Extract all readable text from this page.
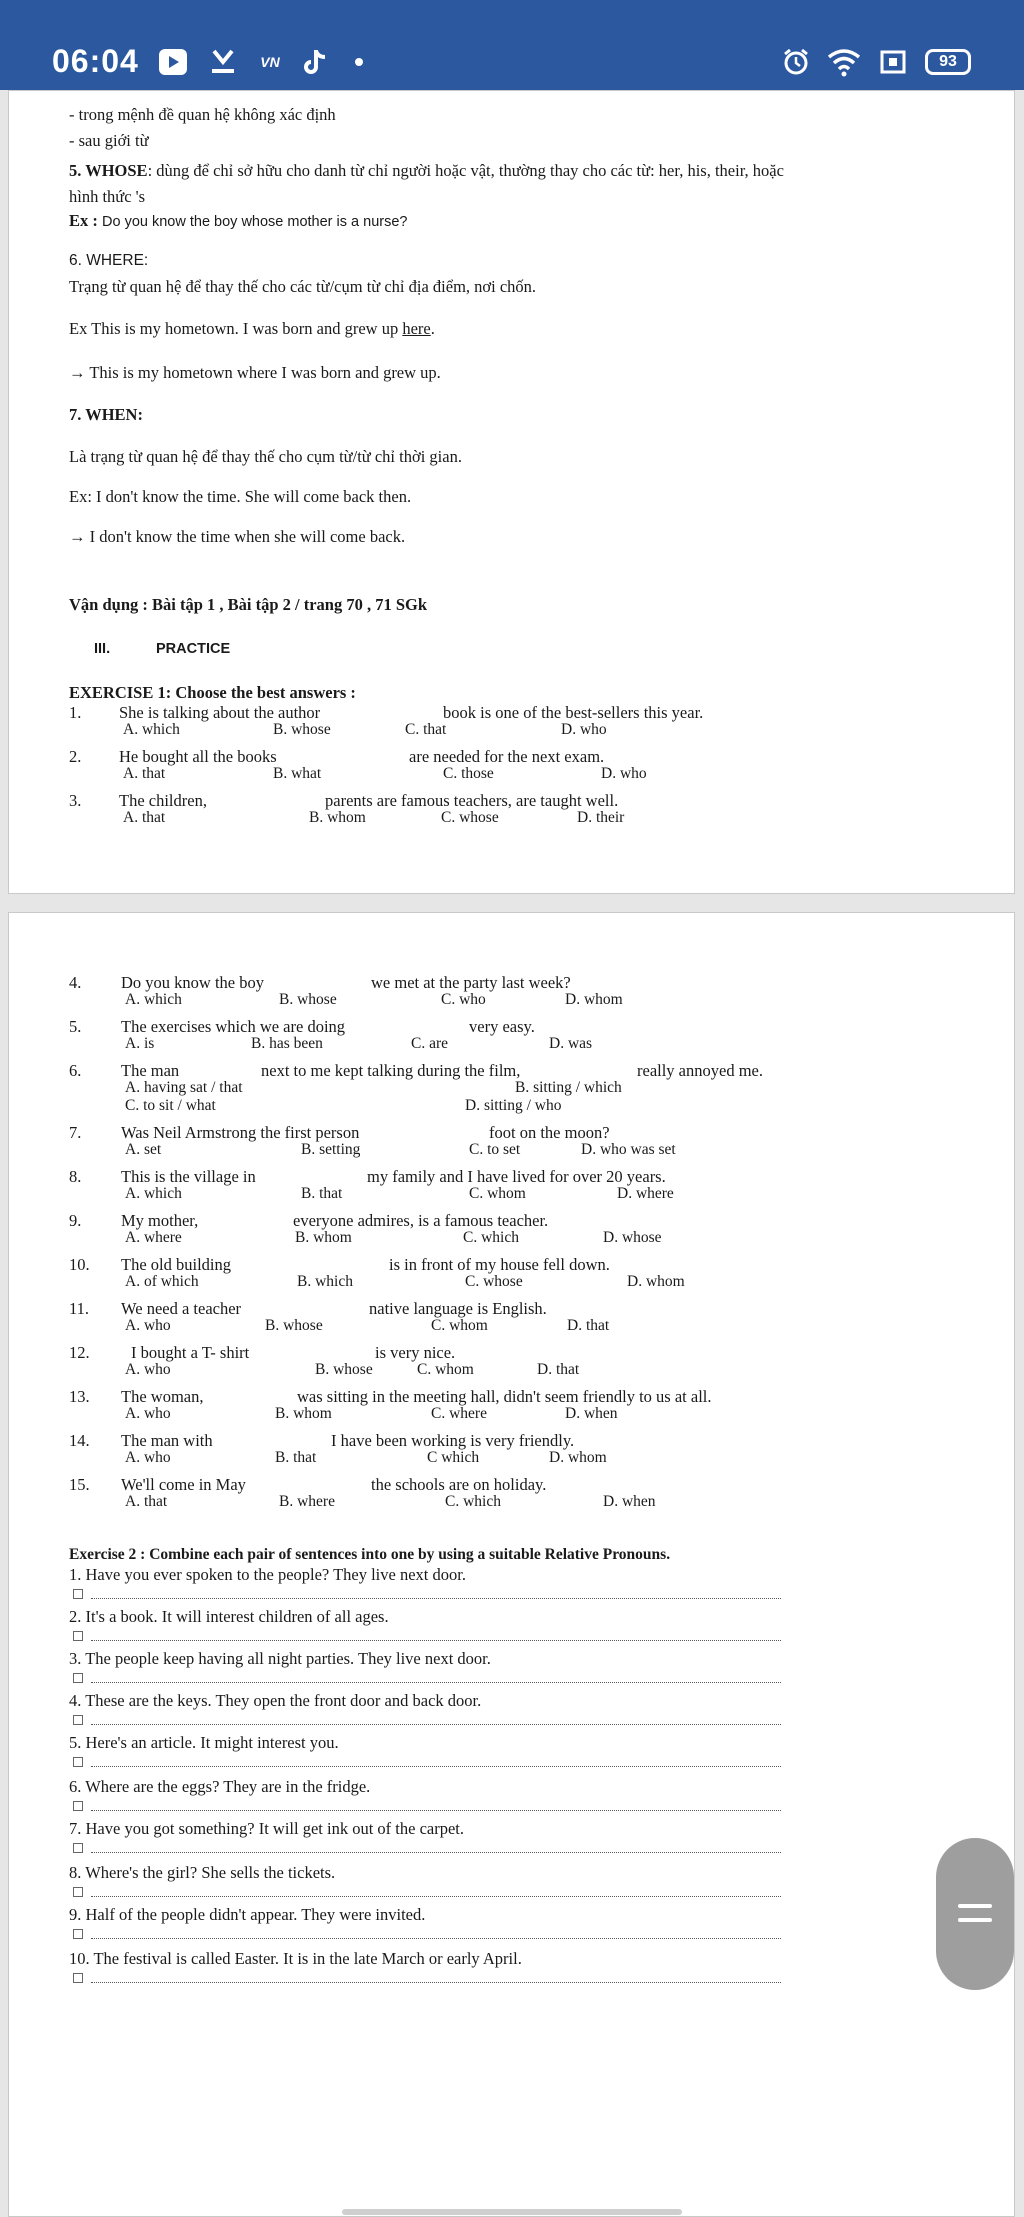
06:04	VN	93
- trong mệnh đề quan hệ không xác định
- sau giới từ
5. WHOSE: dùng để chỉ sở hữu cho danh từ chỉ người hoặc vật, thường thay cho các từ: her, his, their, hoặc
hình thức 's
Ex : Do you know the boy whose mother is a nurse?
6. WHERE:
Trạng từ quan hệ để thay thế cho các từ/cụm từ chỉ địa điểm, nơi chốn.
Ex This is my hometown. I was born and grew up here.
→ This is my hometown where I was born and grew up.
7. WHEN:
Là trạng từ quan hệ để thay thế cho cụm từ/từ chỉ thời gian.
Ex: I don't know the time. She will come back then.
→ I don't know the time when she will come back.
Vận dụng : Bài tập 1 , Bài tập 2 / trang 70 , 71 SGk
III.	PRACTICE
EXERCISE 1: Choose the best answers :
1. She is talking about the author	book is one of the best-sellers this year.
A. which	B. whose	C. that	D. who
2. He bought all the books	are needed for the next exam.
A. that	B. what	C. those	D. who
3. The children,	parents are famous teachers, are taught well.
A. that	B. whom	C. whose	D. their
4. Do you know the boy	we met at the party last week?
A. which	B. whose	C. who	D. whom
5. The exercises which we are doing	very easy.
A. is	B. has been	C. are	D. was
6. The man	next to me kept talking during the film,	really annoyed me.
A. having sat / that	B. sitting / which
C. to sit / what	D. sitting / who
7. Was Neil Armstrong the first person	foot on the moon?
A. set	B. setting	C. to set	D. who was set
8. This is the village in	my family and I have lived for over 20 years.
A. which	B. that	C. whom	D. where
9. My mother,	everyone admires, is a famous teacher.
A. where	B. whom	C. which	D. whose
10. The old building	is in front of my house fell down.
A. of which	B. which	C. whose	D. whom
11. We need a teacher	native language is English.
A. who	B. whose	C. whom	D. that
12.	I bought a T- shirt	is very nice.
A. who	B. whose	C. whom	D. that
13. The woman,	was sitting in the meeting hall, didn't seem friendly to us at all.
A. who	B. whom	C. where	D. when
14. The man with	I have been working is very friendly.
A. who	B. that	C which	D. whom
15. We'll come in May	the schools are on holiday.
A. that	B. where	C. which	D. when
Exercise 2 : Combine each pair of sentences into one by using a suitable Relative Pronouns.
1. Have you ever spoken to the people? They live next door.
2. It's a book. It will interest children of all ages.
3. The people keep having all night parties. They live next door.
4. These are the keys. They open the front door and back door.
5. Here's an article. It might interest you.
6. Where are the eggs? They are in the fridge.
7. Have you got something? It will get ink out of the carpet.
8. Where's the girl? She sells the tickets.
9. Half of the people didn't appear. They were invited.
10. The festival is called Easter. It is in the late March or early April.
